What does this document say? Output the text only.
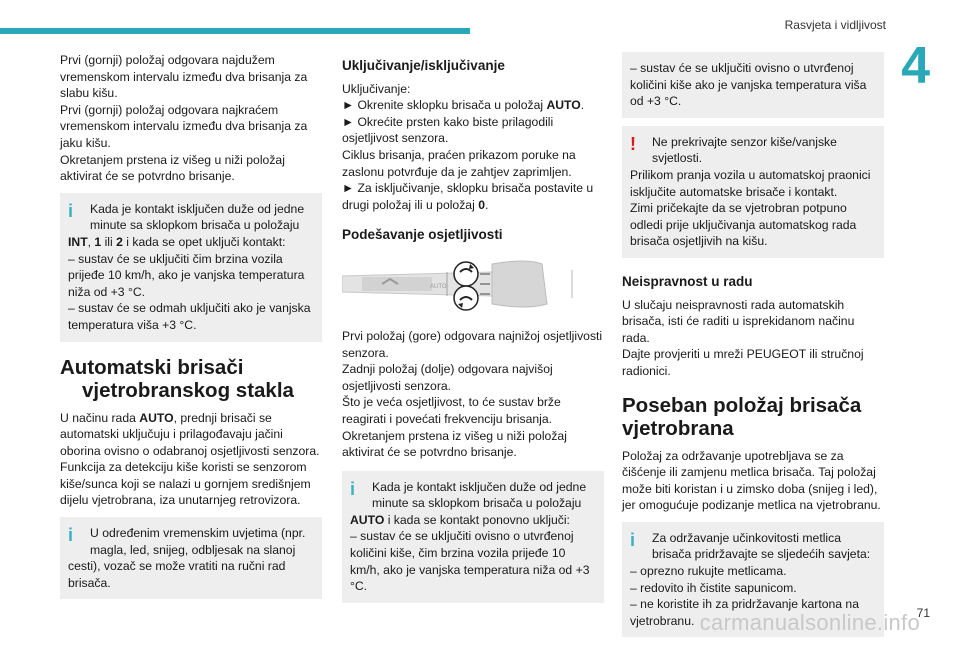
Rasvjeta i vidljivost
4

Prvi (gornji) položaj odgovara najdužem vremenskom intervalu između dva brisanja za slabu kišu.
Prvi (gornji) položaj odgovara najkraćem vremenskom intervalu između dva brisanja za jaku kišu.
Okretanjem prstena iz višeg u niži položaj aktivirat će se potvrdno brisanje.

i	Kada je kontakt isključen duže od jedne minute sa sklopkom brisača u položaju
INT, 1 ili 2 i kada se opet uključi kontakt:
– sustav će se uključiti čim brzina vozila prijeđe 10 km/h, ako je vanjska temperatura niža od +3 °C.
– sustav će se odmah uključiti ako je vanjska temperatura viša +3 °C.
Automatski brisači
vjetrobranskog stakla

U načinu rada AUTO, prednji brisači se automatski uključuju i prilagođavaju jačini oborina ovisno o odabranoj osjetljivosti senzora.
Funkcija za detekciju kiše koristi se senzorom kiše/sunca koji se nalazi u gornjem središnjem dijelu vjetrobrana, iza unutarnjeg retrovizora.

i	U određenim vremenskim uvjetima (npr. magla, led, snijeg, odbljesak na slanoj
cesti), vozač se može vratiti na ručni rad brisača.
Uključivanje/isključivanje

Uključivanje:

► Okrenite sklopku brisača u položaj AUTO.

► Okrećite prsten kako biste prilagodili osjetljivost senzora.
Ciklus brisanja, praćen prikazom poruke na zaslonu potvrđuje da je zahtjev zaprimljen.

► Za isključivanje, sklopku brisača postavite u drugi položaj ili u položaj 0.

Podešavanje osjetljivosti
AUTO

Prvi položaj (gore) odgovara najnižoj osjetljivosti senzora.
Zadnji položaj (dolje) odgovara najvišoj osjetljivosti senzora.
Što je veća osjetljivost, to će sustav brže reagirati i povećati frekvenciju brisanja.
Okretanjem prstena iz višeg u niži položaj aktivirat će se potvrdno brisanje.

i	Kada je kontakt isključen duže od jedne minute sa sklopkom brisača u položaju
AUTO i kada se kontakt ponovno uključi:
– sustav će se uključiti ovisno o utvrđenoj količini kiše, čim brzina vozila prijeđe 10 km/h, ako je vanjska temperatura niža od +3 °C.
– sustav će se uključiti ovisno o utvrđenoj količini kiše ako je vanjska temperatura viša od +3 °C.
!	Ne prekrivajte senzor kiše/vanjske svjetlosti.
Prilikom pranja vozila u automatskoj praonici isključite automatske brisače i kontakt.
Zimi pričekajte da se vjetrobran potpuno odledi prije uključivanja automatskog rada brisača osjetljivih na kišu.
Neispravnost u radu

U slučaju neispravnosti rada automatskih brisača, isti će raditi u isprekidanom načinu rada.
Dajte provjeriti u mreži PEUGEOT ili stručnoj radionici.

Poseban položaj brisača
vjetrobrana

Položaj za održavanje upotrebljava se za čišćenje ili zamjenu metlica brisača. Taj položaj može biti koristan i u zimsko doba (snijeg i led), jer omogućuje podizanje metlica na vjetrobranu.

i	Za održavanje učinkovitosti metlica brisača pridržavajte se sljedećih savjeta:
– oprezno rukujte metlicama.
– redovito ih čistite sapunicom.
– ne koristite ih za pridržavanje kartona na vjetrobranu. carmanualsonline.info
71
